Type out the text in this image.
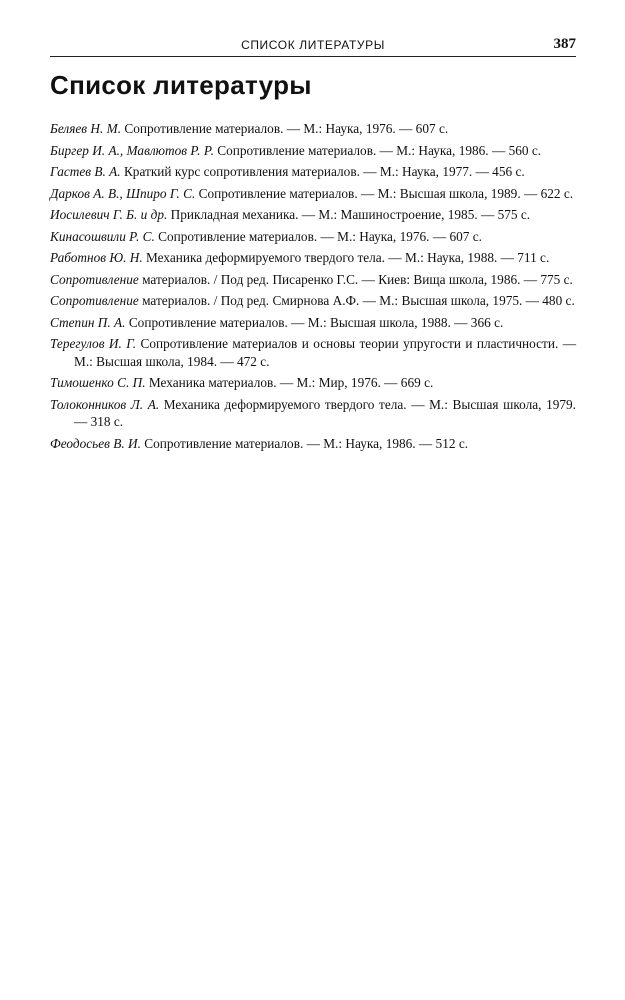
СПИСОК ЛИТЕРАТУРЫ	387
Список литературы
Беляев Н. М. Сопротивление материалов. — М.: Наука, 1976. — 607 с.
Биргер И. А., Мавлютов Р. Р. Сопротивление материалов. — М.: Наука, 1986. — 560 с.
Гастев В. А. Краткий курс сопротивления материалов. — М.: Наука, 1977. — 456 с.
Дарков А. В., Шпиро Г. С. Сопротивление материалов. — М.: Высшая школа, 1989. — 622 с.
Иосилевич Г. Б. и др. Прикладная механика. — М.: Машиностроение, 1985. — 575 с.
Кинасошвили Р. С. Сопротивление материалов. — М.: Наука, 1976. — 607 с.
Работнов Ю. Н. Механика деформируемого твердого тела. — М.: Наука, 1988. — 711 с.
Сопротивление материалов. / Под ред. Писаренко Г.С. — Киев: Вища школа, 1986. — 775 с.
Сопротивление материалов. / Под ред. Смирнова А.Ф. — М.: Высшая школа, 1975. — 480 с.
Степин П. А. Сопротивление материалов. — М.: Высшая школа, 1988. — 366 с.
Терегулов И. Г. Сопротивление материалов и основы теории упругости и пластичности. — М.: Высшая школа, 1984. — 472 с.
Тимошенко С. П. Механика материалов. — М.: Мир, 1976. — 669 с.
Толоконников Л. А. Механика деформируемого твердого тела. — М.: Высшая школа, 1979. — 318 с.
Феодосьев В. И. Сопротивление материалов. — М.: Наука, 1986. — 512 с.
